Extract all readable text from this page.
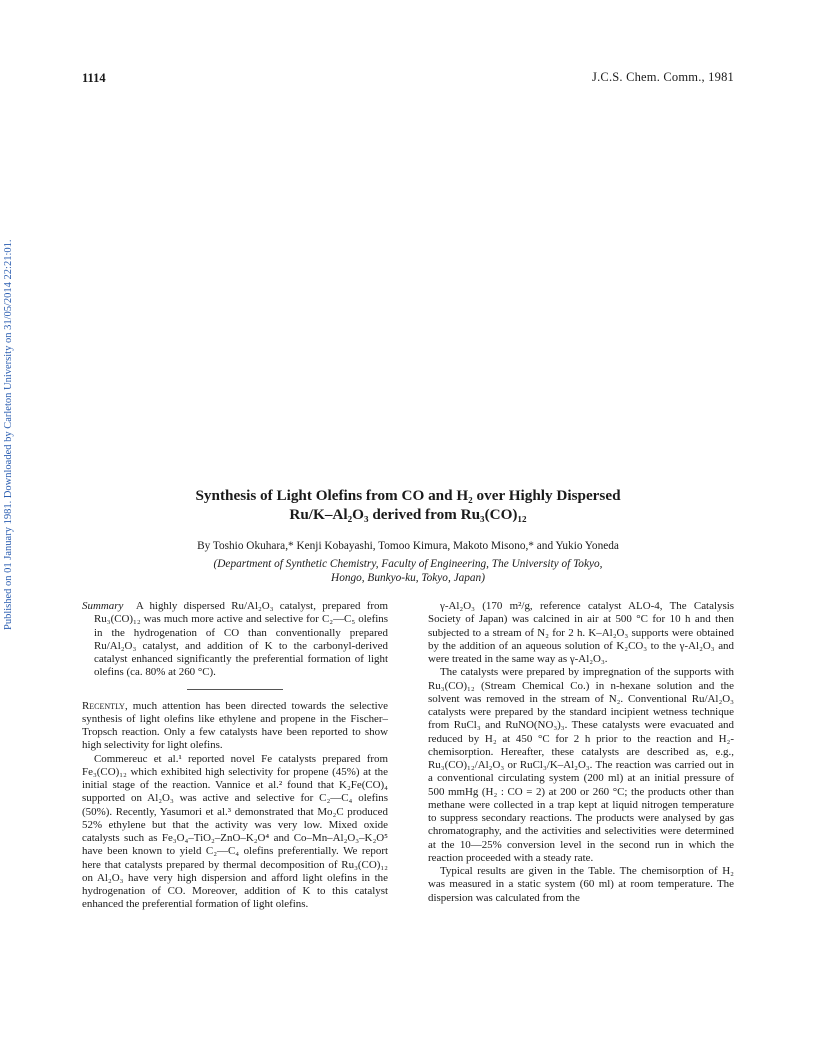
Published on 01 January 1981. Downloaded by Carleton University on 31/05/2014 22:21:01.
1114	J.C.S. Chem. Comm., 1981
Synthesis of Light Olefins from CO and H₂ over Highly Dispersed
Ru/K–Al₂O₃ derived from Ru₃(CO)₁₂
By Toshio Okuhara,* Kenji Kobayashi, Tomoo Kimura, Makoto Misono,* and Yukio Yoneda
(Department of Synthetic Chemistry, Faculty of Engineering, The University of Tokyo,
Hongo, Bunkyo-ku, Tokyo, Japan)

Summary A highly dispersed Ru/Al₂O₃ catalyst, prepared from Ru₃(CO)₁₂ was much more active and selective for C₂—C₅ olefins in the hydrogenation of CO than conventionally prepared Ru/Al₂O₃ catalyst, and addition of K to the carbonyl-derived catalyst enhanced significantly the preferential formation of light olefins (ca. 80% at 260 °C).

Recently, much attention has been directed towards the selective synthesis of light olefins like ethylene and propene in the Fischer–Tropsch reaction. Only a few catalysts have been reported to show high selectivity for light olefins.

Commereuc et al.¹ reported novel Fe catalysts prepared from Fe₃(CO)₁₂ which exhibited high selectivity for propene (45%) at the initial stage of the reaction. Vannice et al.² found that K₂Fe(CO)₄ supported on Al₂O₃ was active and selective for C₂—C₄ olefins (50%). Recently, Yasumori et al.³ demonstrated that Mo₂C produced 52% ethylene but that the activity was very low. Mixed oxide catalysts such as Fe₃O₄–TiO₂–ZnO–K₂O⁴ and Co–Mn–Al₂O₃–K₂O⁵ have been known to yield C₂—C₄ olefins preferentially. We report here that catalysts prepared by thermal decomposition of Ru₃(CO)₁₂ on Al₂O₃ have very high dispersion and afford light olefins in the hydrogenation of CO. Moreover, addition of K to this catalyst enhanced the preferential formation of light olefins.

γ-Al₂O₃ (170 m²/g, reference catalyst ALO-4, The Catalysis Society of Japan) was calcined in air at 500 °C for 10 h and then subjected to a stream of N₂ for 2 h. K–Al₂O₃ supports were obtained by the addition of an aqueous solution of K₂CO₃ to the γ-Al₂O₃ and were treated in the same way as γ-Al₂O₃.

The catalysts were prepared by impregnation of the supports with Ru₃(CO)₁₂ (Stream Chemical Co.) in n-hexane solution and the solvent was removed in the stream of N₂. Conventional Ru/Al₂O₃ catalysts were prepared by the standard incipient wetness technique from RuCl₃ and RuNO(NO₃)₃. These catalysts were evacuated and reduced by H₂ at 450 °C for 2 h prior to the reaction and H₂-chemisorption. Hereafter, these catalysts are described as, e.g., Ru₃(CO)₁₂/Al₂O₃ or RuCl₃/K–Al₂O₃. The reaction was carried out in a conventional circulating system (200 ml) at an initial pressure of 500 mmHg (H₂ : CO = 2) at 200 or 260 °C; the products other than methane were collected in a trap kept at liquid nitrogen temperature to suppress secondary reactions. The products were analysed by gas chromatography, and the activities and selectivities were determined at the 10—25% conversion level in the second run in which the reaction proceeded with a steady rate.

Typical results are given in the Table. The chemisorption of H₂ was measured in a static system (60 ml) at room temperature. The dispersion was calculated from the
